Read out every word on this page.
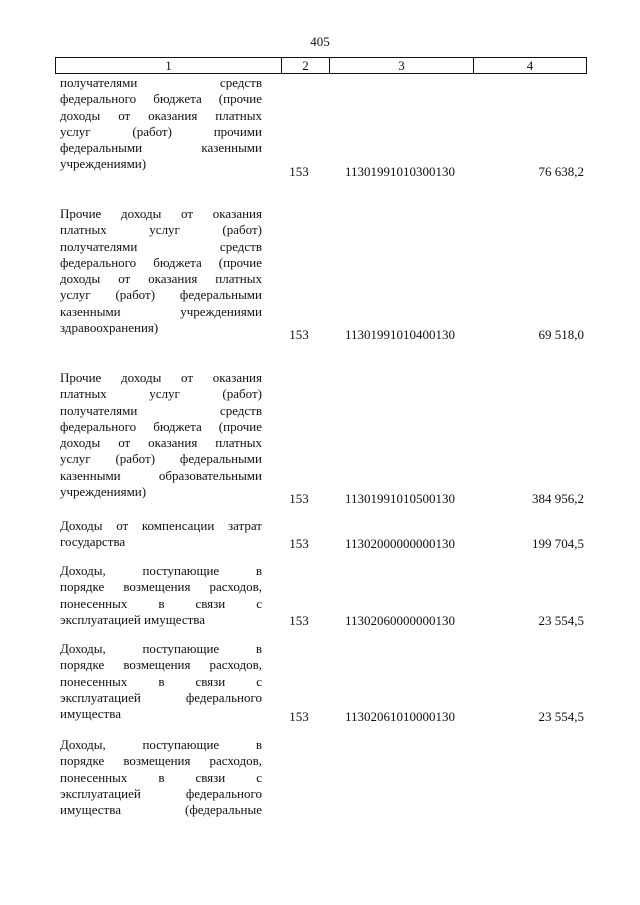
405
1	2	3	4
получателями средств
федерального бюджета (прочие
доходы от оказания платных
услуг (работ) прочими
федеральными казенными
учреждениями)
153	11301991010300130	76 638,2
Прочие доходы от оказания
платных услуг (работ)
получателями средств
федерального бюджета (прочие
доходы от оказания платных
услуг (работ) федеральными
казенными учреждениями
здравоохранения)	153	11301991010400130	69 518,0
Прочие доходы от оказания
платных услуг (работ)
получателями средств
федерального бюджета (прочие
доходы от оказания платных
услуг (работ) федеральными
казенными образовательными
учреждениями)	153	11301991010500130	384 956,2
Доходы от компенсации затрат
государства	153	11302000000000130	199 704,5
Доходы, поступающие в
порядке возмещения расходов,
понесенных в связи с
эксплуатацией имущества	153	11302060000000130	23 554,5
Доходы, поступающие в
порядке возмещения расходов,
понесенных в связи с
эксплуатацией федерального
имущества	153	11302061010000130	23 554,5
Доходы, поступающие в
порядке возмещения расходов,
понесенных в связи с
эксплуатацией федерального
имущества (федеральные
